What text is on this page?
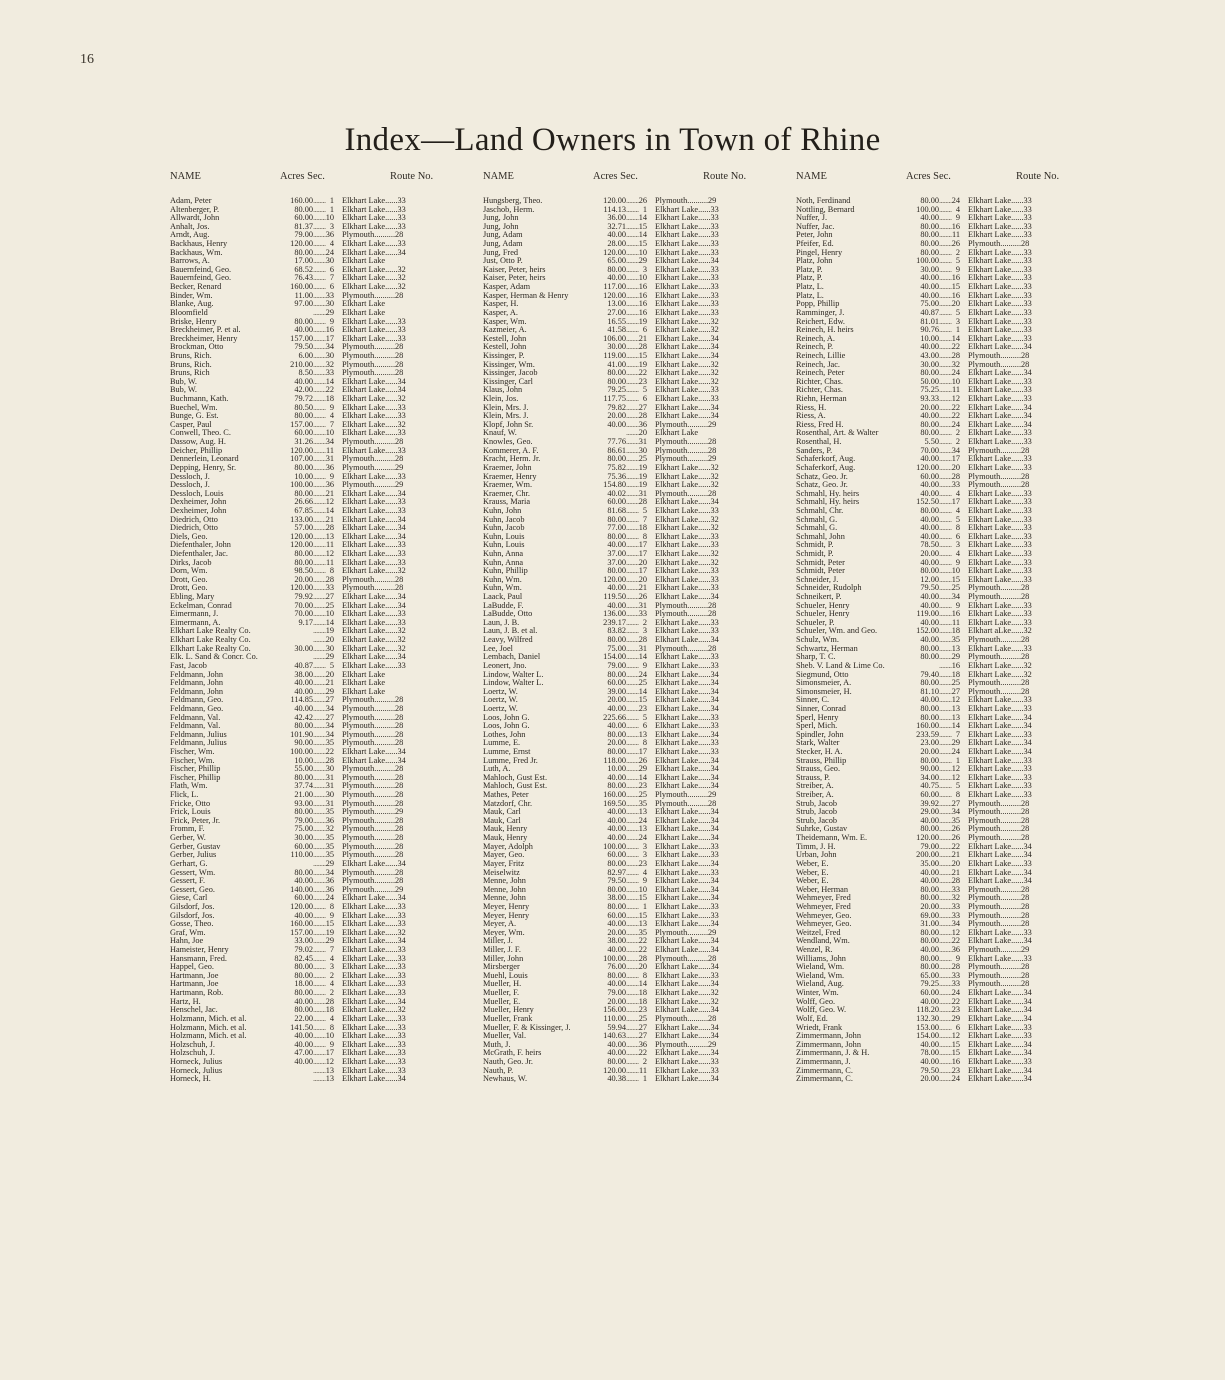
16
Index—Land Owners in Town of Rhine
NAME	Acres Sec.	Route No.
Adam, Peter	160.00 ........ 1 Elkhart Lake......33
Altenberger, P.	80.00 ........ 1 Elkhart Lake......33
Allwardt, John	60.00 ........ 10 Elkhart Lake......33
Anhalt, Jos.	81.37 ........ 3 Elkhart Lake......33
Arndt, Aug.	79.00 ........ 36 Plymouth..........28
Backhaus, Henry	120.00 ........ 4 Elkhart Lake......33
Backhaus, Wm.	80.00 ........ 24 Elkhart Lake......34
Barrows, A.	17.00 ........ 30 Elkhart Lake
Bauernfeind, Geo.	68.52 ........ 6 Elkhart Lake......32
Bauernfeind, Geo.	76.43 ........ 7 Elkhart Lake......32
Becker, Renard	160.00 ........ 6 Elkhart Lake......32
Binder, Wm.	11.00 ........ 33 Plymouth..........28
Blanke, Aug.	97.00 ........ 30 Elkhart Lake
Bloomfield	........ 29 Elkhart Lake
Briske, Henry	80.00 ........ 9 Elkhart Lake......33
Breckheimer, P. et al.	40.00 ........ 16 Elkhart Lake......33
Breckheimer, Henry	157.00 ........ 17 Elkhart Lake......33
Brockman, Otto	79.50 ........ 34 Plymouth..........28
Bruns, Rich.	6.00 ........ 30 Plymouth..........28
Bruns, Rich.	210.00 ........ 32 Plymouth..........28
Bruns, Rich	8.50 ........ 33 Plymouth..........28
Bub, W.	40.00 ........ 14 Elkhart Lake......34
Bub, W.	42.00 ........ 22 Elkhart Lake......34
Buchmann, Kath.	79.72 ........ 18 Elkhart Lake......32
Buechel, Wm.	80.50 ........ 9 Elkhart Lake......33
Bunge, G. Est.	80.00 ........ 4 Elkhart Lake......33
Casper, Paul	157.00 ........ 7 Elkhart Lake......32
Conwell, Theo. C.	60.00 ........ 10 Elkhart Lake......33
Dassow, Aug. H.	31.26 ........ 34 Plymouth..........28
Deicher, Phillip	120.00 ........ 11 Elkhart Lake......33
Dennerlein, Leonard	107.00 ........ 31 Plymouth..........28
Depping, Henry, Sr.	80.00 ........ 36 Plymouth..........29
Dessloch, J.	10.00 ........ 9 Elkhart Lake......33
Dessloch, J.	100.00 ........ 36 Plymouth..........29
Dessloch, Louis	80.00 ........ 21 Elkhart Lake......34
Dexheimer, John	26.66 ........ 12 Elkhart Lake......33
Dexheimer, John	67.85 ........ 14 Elkhart Lake......33
Diedrich, Otto	133.00 ........ 21 Elkhart Lake......34
Diedrich, Otto	57.00 ........ 28 Elkhart Lake......34
Diels, Geo.	120.00 ........ 13 Elkhart Lake......34
Diefenthaler, John	120.00 ........ 11 Elkhart Lake......33
Diefenthaler, Jac.	80.00 ........ 12 Elkhart Lake......33
Dirks, Jacob	80.00 ........ 11 Elkhart Lake......33
Dorn, Wm.	98.50 ........ 8 Elkhart Lake......32
Drott, Geo.	20.00 ........ 28 Plymouth..........28
Drott, Geo.	120.00 ........ 33 Plymouth..........28
Ebling, Mary	79.92 ........ 27 Elkhart Lake......34
Eckelman, Conrad	70.00 ........ 25 Elkhart Lake......34
Eimermann, J.	70.00 ........ 10 Elkhart Lake......33
Eimermann, A.	9.17 ........ 14 Elkhart Lake......33
Elkhart Lake Realty Co.	........ 19 Elkhart Lake......32
Elkhart Lake Realty Co.	........ 20 Elkhart Lake......32
Elkhart Lake Realty Co.	30.00 ........ 30 Elkhart Lake......32
Elk. L. Sand & Concr. Co.	........ 29 Elkhart Lake......34
Fast, Jacob	40.87 ........ 5 Elkhart Lake......33
Feldmann, John	38.00 ........ 20 Elkhart Lake
Feldmann, John	40.00 ........ 21 Elkhart Lake
Feldmann, John	40.00 ........ 29 Elkhart Lake
Feldmann, Geo.	114.85 ........ 27 Plymouth..........28
Feldmann, Geo.	40.00 ........ 34 Plymouth..........28
Feldmann, Val.	42.42 ........ 27 Plymouth..........28
Feldmann, Val.	80.00 ........ 34 Plymouth..........28
Feldmann, Julius	101.90 ........ 34 Plymouth..........28
Feldmann, Julius	90.00 ........ 35 Plymouth..........28
Fischer, Wm.	100.00 ........ 22 Elkhart Lake......34
Fischer, Wm.	10.00 ........ 28 Elkhart Lake......34
Fischer, Phillip	55.00 ........ 30 Plymouth..........28
Fischer, Phillip	80.00 ........ 31 Plymouth..........28
Flath, Wm.	37.74 ........ 31 Plymouth..........28
Flick, L.	21.00 ........ 30 Plymouth..........28
Fricke, Otto	93.00 ........ 31 Plymouth..........28
Frick, Louis	80.00 ........ 35 Plymouth..........29
Frick, Peter, Jr.	79.00 ........ 36 Plymouth..........28
Fromm, F.	75.00 ........ 32 Plymouth..........28
Gerber, W.	30.00 ........ 35 Plymouth..........28
Gerber, Gustav	60.00 ........ 35 Plymouth..........28
Gerber, Julius	110.00 ........ 35 Plymouth..........28
Gerhart, G.	........ 29 Elkhart Lake......34
Gessert, Wm.	80.00 ........ 34 Plymouth..........28
Gessert, F.	40.00 ........ 36 Plymouth..........28
Gessert, Geo.	140.00 ........ 36 Plymouth..........29
Giese, Carl	60.00 ........ 24 Elkhart Lake......34
Gilsdorf, Jos.	120.00 ........ 8 Elkhart Lake......33
Gilsdorf, Jos.	40.00 ........ 9 Elkhart Lake......33
Gosse, Theo.	160.00 ........ 15 Elkhart Lake......33
Graf, Wm.	157.00 ........ 19 Elkhart Lake......32
Hahn, Joe	33.00 ........ 29 Elkhart Lake......34
Hameister, Henry	79.02 ........ 7 Elkhart Lake......33
Hansmann, Fred.	82.45 ........ 4 Elkhart Lake......33
Happel, Geo.	80.00 ........ 3 Elkhart Lake......33
Hartmann, Joe	80.00 ........ 2 Elkhart Lake......33
Hartmann, Joe	18.00 ........ 4 Elkhart Lake......33
Hartmann, Rob.	80.00 ........ 2 Elkhart Lake......33
Hartz, H.	40.00 ........ 28 Elkhart Lake......34
Henschel, Jac.	80.00 ........ 18 Elkhart Lake......32
Holzmann, Mich. et al.	22.00 ........ 4 Elkhart Lake......33
Holzmann, Mich. et al.	141.50 ........ 8 Elkhart Lake......33
Holzmann, Mich. et al.	40.00 ........ 10 Elkhart Lake......33
Holzschuh, J.	40.00 ........ 9 Elkhart Lake......33
Holzschuh, J.	47.00 ........ 17 Elkhart Lake......33
Horneck, Julius	40.00 ........ 12 Elkhart Lake......33
Horneck, Julius	........ 13 Elkhart Lake......33
Horneck, H.	........ 13 Elkhart Lake......34
NAME	Acres Sec.	Route No.
Hungsberg, Theo.	120.00 ........ 26 Plymouth..........29
Jaschob, Herm.	114.13 ........ 1 Elkhart Lake......33
Jung, John	36.00 ........ 14 Elkhart Lake......33
Jung, John	32.71 ........ 15 Elkhart Lake......33
Jung, Adam	40.00 ........ 14 Elkhart Lake......33
Jung, Adam	28.00 ........ 15 Elkhart Lake......33
Jung, Fred	120.00 ........ 10 Elkhart Lake......33
Just, Otto P.	65.00 ........ 29 Elkhart Lake......34
Kaiser, Peter, heirs	80.00 ........ 3 Elkhart Lake......33
Kaiser, Peter, heirs	40.00 ........ 10 Elkhart Lake......33
Kasper, Adam	117.00 ........ 16 Elkhart Lake......33
Kasper, Herman & Henry	120.00 ........ 16 Elkhart Lake......33
Kasper, H.	13.00 ........ 16 Elkhart Lake......33
Kasper, A.	27.00 ........ 16 Elkhart Lake......33
Kasper, Wm.	16.55 ........ 19 Elkhart Lake......32
Kazmeier, A.	41.58 ........ 6 Elkhart Lake......32
Kestell, John	106.00 ........ 21 Elkhart Lake......34
Kestell, John	30.00 ........ 28 Elkhart Lake......34
Kissinger, P.	119.00 ........ 15 Elkhart Lake......34
Kissinger, Wm.	41.00 ........ 19 Elkhart Lake......32
Kissinger, Jacob	80.00 ........ 22 Elkhart Lake......32
Kissinger, Carl	80.00 ........ 23 Elkhart Lake......32
Klaus, John	79.25 ........ 5 Elkhart Lake......33
Klein, Jos.	117.75 ........ 6 Elkhart Lake......33
Klein, Mrs. J.	79.82 ........ 27 Elkhart Lake......34
Klein, Mrs. J.	20.00 ........ 28 Elkhart Lake......34
Klopf, John Sr.	40.00 ........ 36 Plymouth..........29
Knauf, W.	........ 20 Elkhart Lake
Knowles, Geo.	77.76 ........ 31 Plymouth..........28
Kommerer, A. F.	86.61 ........ 30 Plymouth..........28
Kracht, Herm. Jr.	80.00 ........ 25 Plymouth..........29
Kraemer, John	75.82 ........ 19 Elkhart Lake......32
Kraemer, Henry	75.36 ........ 19 Elkhart Lake......32
Kraemer, Wm.	154.80 ........ 19 Elkhart Lake......32
Kraemer, Chr.	40.02 ........ 31 Plymouth..........28
Krauss, Maria	60.00 ........ 28 Elkhart Lake......34
Kuhn, John	81.68 ........ 5 Elkhart Lake......33
Kuhn, Jacob	80.00 ........ 7 Elkhart Lake......32
Kuhn, Jacob	77.00 ........ 18 Elkhart Lake......32
Kuhn, Louis	80.00 ........ 8 Elkhart Lake......33
Kuhn, Louis	40.00 ........ 17 Elkhart Lake......33
Kuhn, Anna	37.00 ........ 17 Elkhart Lake......32
Kuhn, Anna	37.00 ........ 20 Elkhart Lake......32
Kuhn, Phillip	80.00 ........ 17 Elkhart Lake......33
Kuhn, Wm.	120.00 ........ 20 Elkhart Lake......33
Kuhn, Wm.	40.00 ........ 21 Elkhart Lake......33
Laack, Paul	119.50 ........ 26 Elkhart Lake......34
LaBudde, F.	40.00 ........ 31 Plymouth..........28
LaBudde, Otto	136.00 ........ 33 Plymouth..........28
Laun, J. B.	239.17 ........ 2 Elkhart Lake......33
Laun, J. B. et al.	83.82 ........ 3 Elkhart Lake......33
Leavy, Wilfred	80.00 ........ 28 Elkhart Lake......34
Lee, Joel	75.00 ........ 31 Plymouth..........28
Lembach, Daniel	154.00 ........ 14 Elkhart Lake......33
Leonert, Jno.	79.00 ........ 9 Elkhart Lake......33
Lindow, Walter L.	80.00 ........ 24 Elkhart Lake......34
Lindow, Walter L.	60.00 ........ 25 Elkhart Lake......34
Loertz, W.	39.00 ........ 14 Elkhart Lake......34
Loertz, W.	20.00 ........ 15 Elkhart Lake......34
Loertz, W.	40.00 ........ 23 Elkhart Lake......34
Loos, John G.	225.66 ........ 5 Elkhart Lake......33
Loos, John G.	40.00 ........ 6 Elkhart Lake......33
Lothes, John	80.00 ........ 13 Elkhart Lake......34
Lumme, E.	20.00 ........ 8 Elkhart Lake......33
Lumme, Ernst	80.00 ........ 17 Elkhart Lake......33
Lumme, Fred Jr.	118.00 ........ 26 Elkhart Lake......34
Luth, A.	10.00 ........ 29 Elkhart Lake......34
Mahloch, Gust Est.	40.00 ........ 14 Elkhart Lake......34
Mahloch, Gust Est.	80.00 ........ 23 Elkhart Lake......34
Mathes, Peter	160.00 ........ 25 Plymouth..........29
Matzdorf, Chr.	169.50 ........ 35 Plymouth..........28
Mauk, Carl	40.00 ........ 13 Elkhart Lake......34
Mauk, Carl	40.00 ........ 24 Elkhart Lake......34
Mauk, Henry	40.00 ........ 13 Elkhart Lake......34
Mauk, Henry	40.00 ........ 24 Elkhart Lake......34
Mayer, Adolph	100.00 ........ 3 Elkhart Lake......33
Mayer, Geo.	60.00 ........ 3 Elkhart Lake......33
Mayer, Fritz	80.00 ........ 23 Elkhart Lake......34
Meiselwitz	82.97 ........ 4 Elkhart Lake......33
Menne, John	79.50 ........ 9 Elkhart Lake......34
Menne, John	80.00 ........ 10 Elkhart Lake......34
Menne, John	38.00 ........ 15 Elkhart Lake......34
Meyer, Henry	80.00 ........ 1 Elkhart Lake......33
Meyer, Henry	60.00 ........ 15 Elkhart Lake......33
Meyer, A.	40.00 ........ 13 Elkhart Lake......34
Meyer, Wm.	20.00 ........ 35 Plymouth..........29
Miller, J.	38.00 ........ 22 Elkhart Lake......34
Miller, J. F.	40.00 ........ 22 Elkhart Lake......34
Miller, John	100.00 ........ 28 Plymouth..........28
Mirsberger	76.00 ........ 20 Elkhart Lake......34
Muehl, Louis	80.00 ........ 8 Elkhart Lake......33
Mueller, H.	40.00 ........ 14 Elkhart Lake......34
Mueller, F.	79.00 ........ 18 Elkhart Lake......32
Mueller, E.	20.00 ........ 18 Elkhart Lake......32
Mueller, Henry	156.00 ........ 23 Elkhart Lake......34
Mueller, Frank	110.00 ........ 25 Plymouth..........28
Mueller, F. & Kissinger, J.	59.94 ........ 27 Elkhart Lake......34
Mueller, Val.	140.63 ........ 27 Elkhart Lake......34
Muth, J.	40.00 ........ 36 Plymouth..........29
McGrath, F. heirs	40.00 ........ 22 Elkhart Lake......34
Nauth, Geo. Jr.	80.00 ........ 2 Elkhart Lake......33
Nauth, P.	120.00 ........ 11 Elkhart Lake......33
Newhaus, W.	40.38 ........ 1 Elkhart Lake......34
NAME	Acres Sec.	Route No.
Noth, Ferdinand	80.00 ........ 24 Elkhart Lake......33
Nottling, Bernard	100.00 ........ 4 Elkhart Lake......33
Nuffer, J.	40.00 ........ 9 Elkhart Lake......33
Nuffer, Jac.	80.00 ........ 16 Elkhart Lake......33
Peter, John	80.00 ........ 11 Elkhart Lake......33
Pfeifer, Ed.	80.00 ........ 26 Plymouth..........28
Pingel, Henry	80.00 ........ 2 Elkhart Lake......33
Platz, John	100.00 ........ 5 Elkhart Lake......33
Platz, P.	30.00 ........ 9 Elkhart Lake......33
Platz, P.	40.00 ........ 16 Elkhart Lake......33
Platz, L.	40.00 ........ 15 Elkhart Lake......33
Platz, L.	40.00 ........ 16 Elkhart Lake......33
Popp, Phillip	75.00 ........ 20 Elkhart Lake......33
Ramminger, J.	40.87 ........ 5 Elkhart Lake......33
Reichert, Edw.	81.01 ........ 3 Elkhart Lake......33
Reinech, H. heirs	90.76 ........ 1 Elkhart Lake......33
Reinech, A.	10.00 ........ 14 Elkhart Lake......33
Reinech, P.	40.00 ........ 22 Elkhart Lake......34
Reinech, Lillie	43.00 ........ 28 Plymouth..........28
Reinech, Jac.	30.00 ........ 32 Plymouth..........28
Reinech, Peter	80.00 ........ 24 Elkhart Lake......34
Richter, Chas.	50.00 ........ 10 Elkhart Lake......33
Richter, Chas.	75.25 ........ 11 Elkhart Lake......33
Riehn, Herman	93.33 ........ 12 Elkhart Lake......33
Riess, H.	20.00 ........ 22 Elkhart Lake......34
Riess, A.	40.00 ........ 22 Elkhart Lake......34
Riess, Fred H.	80.00 ........ 24 Elkhart Lake......34
Rosenthal, Art. & Walter	80.00 ........ 2 Elkhart Lake......33
Rosenthal, H.	5.50 ........ 2 Elkhart Lake......33
Sanders, P.	70.00 ........ 34 Plymouth..........28
Schaferkorf, Aug.	40.00 ........ 17 Elkhart Lake......33
Schaferkorf, Aug.	120.00 ........ 20 Elkhart Lake......33
Schatz, Geo. Jr.	60.00 ........ 28 Plymouth..........28
Schatz, Geo. Jr.	40.00 ........ 33 Plymouth..........28
Schmahl, Hy. heirs	40.00 ........ 4 Elkhart Lake......33
Schmahl, Hy. heirs	152.50 ........ 17 Elkhart Lake......33
Schmahl, Chr.	80.00 ........ 4 Elkhart Lake......33
Schmahl, G.	40.00 ........ 5 Elkhart Lake......33
Schmahl, G.	40.00 ........ 8 Elkhart Lake......33
Schmahl, John	40.00 ........ 6 Elkhart Lake......33
Schmidt, P.	78.50 ........ 3 Elkhart Lake......33
Schmidt, P.	20.00 ........ 4 Elkhart Lake......33
Schmidt, Peter	40.00 ........ 9 Elkhart Lake......33
Schmidt, Peter	80.00 ........ 10 Elkhart Lake......33
Schneider, J.	12.00 ........ 15 Elkhart Lake......33
Schneider, Rudolph	79.50 ........ 25 Plymouth..........28
Schneikert, P.	40.00 ........ 34 Plymouth..........28
Schueler, Henry	40.00 ........ 9 Elkhart Lake......33
Schueler, Henry	119.00 ........ 16 Elkhart Lake......33
Schueler, P.	40.00 ........ 11 Elkhart Lake......33
Schueler, Wm. and Geo.	152.00 ........ 18 Elkhart aLke......32
Schulz, Wm.	40.00 ........ 35 Plymouth..........28
Schwartz, Herman	80.00 ........ 13 Elkhart Lake......33
Sharp, T. C.	80.00 ........ 29 Plymouth..........28
Sheb. V. Land & Lime Co.	........ 16 Elkhart Lake......32
Siegmund, Otto	79.40 ........ 18 Elkhart Lake......32
Simonsmeier, A.	80.00 ........ 25 Plymouth..........28
Simonsmeier, H.	81.10 ........ 27 Plymouth..........28
Sinner, C.	40.00 ........ 12 Elkhart Lake......33
Sinner, Conrad	80.00 ........ 13 Elkhart Lake......33
Sperl, Henry	80.00 ........ 13 Elkhart Lake......34
Sperl, Mich.	160.00 ........ 14 Elkhart Lake......34
Spindler, John	233.59 ........ 7 Elkhart Lake......33
Stark, Walter	23.00 ........ 29 Elkhart Lake......34
Stecker, H. A.	20.00 ........ 24 Elkhart Lake......34
Strauss, Phillip	80.00 ........ 1 Elkhart Lake......33
Strauss, Geo.	90.00 ........ 12 Elkhart Lake......33
Strauss, P.	34.00 ........ 12 Elkhart Lake......33
Streiber, A.	40.75 ........ 5 Elkhart Lake......33
Streiber, A.	60.00 ........ 8 Elkhart Lake......33
Strub, Jacob	39.92 ........ 27 Plymouth..........28
Strub, Jacob	29.00 ........ 34 Plymouth..........28
Strub, Jacob	40.00 ........ 35 Plymouth..........28
Suhrke, Gustav	80.00 ........ 26 Plymouth..........28
Theidemann, Wm. E.	120.00 ........ 26 Plymouth..........28
Timm, J. H.	79.00 ........ 22 Elkhart Lake......34
Urban, John	200.00 ........ 21 Elkhart Lake......34
Weber, E.	35.00 ........ 20 Elkhart Lake......33
Weber, E.	40.00 ........ 21 Elkhart Lake......34
Weber, E.	40.00 ........ 28 Elkhart Lake......34
Weber, Herman	80.00 ........ 33 Plymouth..........28
Wehmeyer, Fred	80.00 ........ 32 Plymouth..........28
Wehmeyer, Fred	20.00 ........ 33 Plymouth..........28
Wehmeyer, Geo.	69.00 ........ 33 Plymouth..........28
Wehmeyer, Geo.	31.00 ........ 34 Plymouth..........28
Weitzel, Fred	80.00 ........ 12 Elkhart Lake......33
Wendland, Wm.	80.00 ........ 22 Elkhart Lake......34
Wenzel, R.	40.00 ........ 36 Plymouth..........29
Williams, John	80.00 ........ 9 Elkhart Lake......33
Wieland, Wm.	80.00 ........ 28 Plymouth..........28
Wieland, Wm.	65.00 ........ 33 Plymouth..........28
Wieland, Aug.	79.25 ........ 33 Plymouth..........28
Winter, Wm.	60.00 ........ 24 Elkhart Lake......34
Wolff, Geo.	40.00 ........ 22 Elkhart Lake......34
Wolff, Geo. W.	118.20 ........ 23 Elkhart Lake......34
Wolf, Ed.	132.30 ........ 29 Elkhart Lake......34
Wriedt, Frank	153.00 ........ 6 Elkhart Lake......33
Zimmermann, John	154.00 ........ 12 Elkhart Lake......33
Zimmermann, John	40.00 ........ 15 Elkhart Lake......34
Zimmermann, J. & H.	78.00 ........ 15 Elkhart Lake......34
Zimmermann, J.	40.00 ........ 16 Elkhart Lake......33
Zimmermann, C.	79.50 ........ 23 Elkhart Lake......34
Zimmermann, C.	20.00 ........ 24 Elkhart Lake......34
